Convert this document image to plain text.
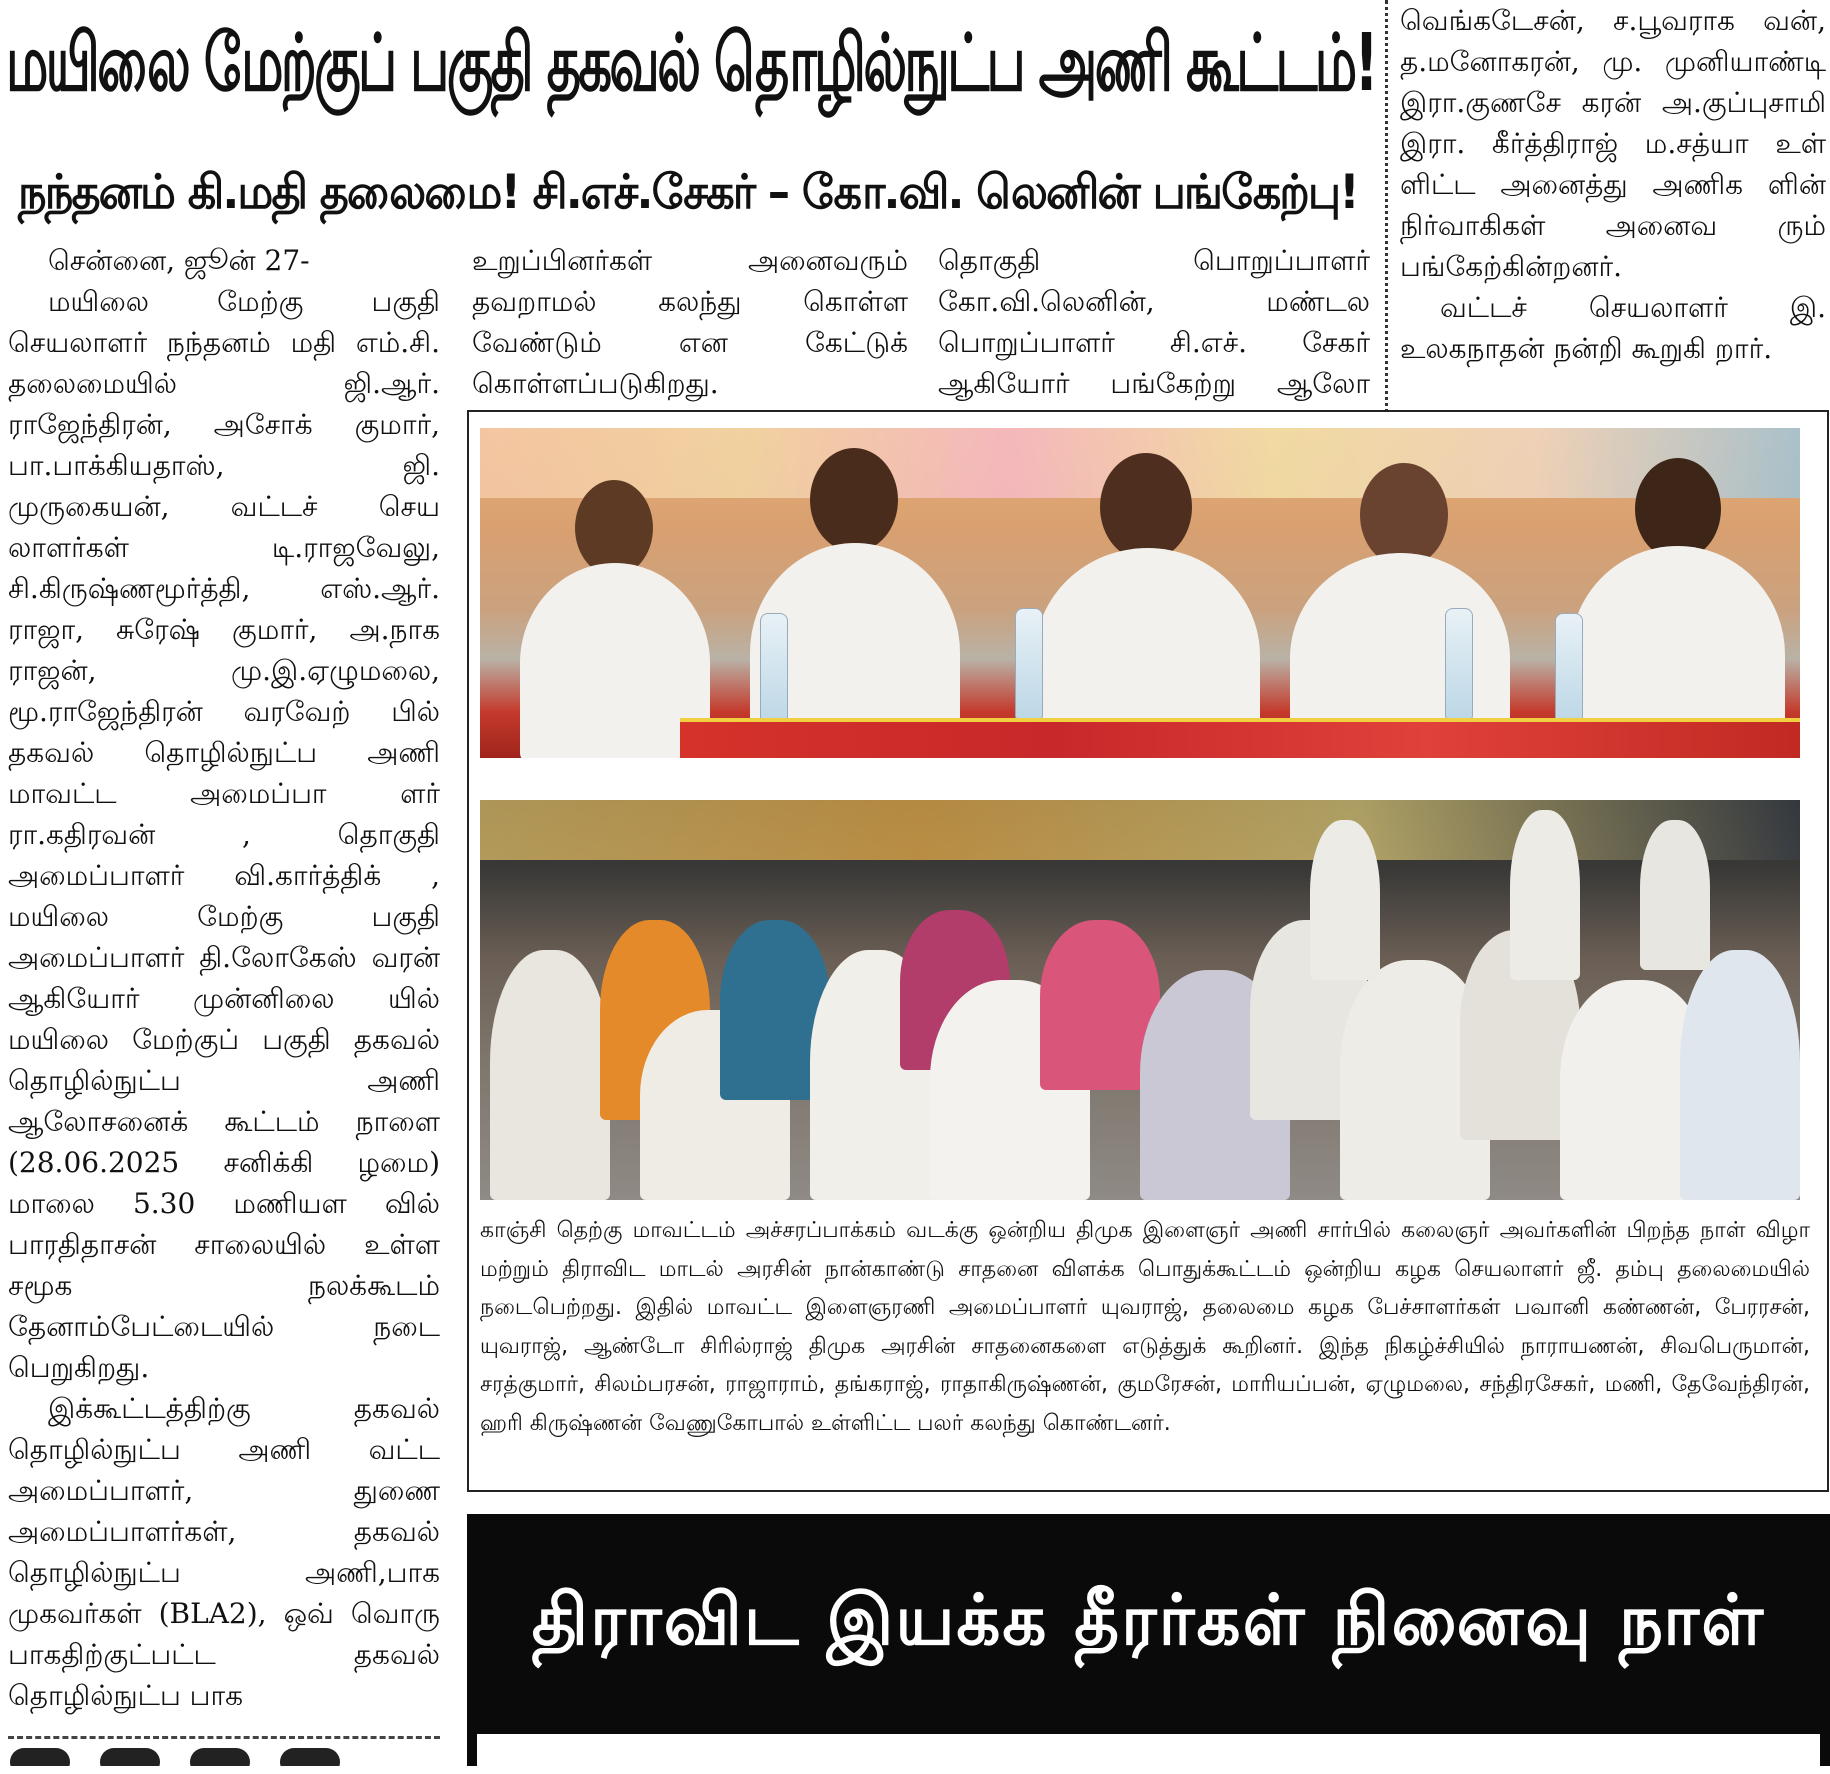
மயிலை மேற்குப் பகுதி தகவல் தொழில்நுட்ப அணி கூட்டம்!
நந்தனம் கி.மதி தலைமை! சி.எச்.சேகர் – கோ.வி. லெனின் பங்கேற்பு!

சென்னை, ஜூன் 27-

மயிலை மேற்கு பகுதி செயலாளர் நந்தனம் மதி எம்.சி. தலைமையில் ஜி.ஆர். ராஜேந்திரன், அசோக் குமார், பா.பாக்கியதாஸ், ஜி. முருகையன், வட்டச் செய லாளர்கள் டி.ராஜவேலு, சி.கிருஷ்ணமூர்த்தி, எஸ்.ஆர். ராஜா, சுரேஷ் குமார், அ.நாக ராஜன், மு.இ.ஏழுமலை, மூ.ராஜேந்திரன் வரவேற் பில் தகவல் தொழில்நுட்ப அணி மாவட்ட அமைப்பா ளர் ரா.கதிரவன் , தொகுதி அமைப்பாளர் வி.கார்த்திக் , மயிலை மேற்கு பகுதி அமைப்பாளர் தி.லோகேஸ் வரன் ஆகியோர் முன்னிலை யில் மயிலை மேற்குப் பகுதி தகவல் தொழில்நுட்ப அணி ஆலோசனைக் கூட்டம் நாளை (28.06.2025 சனிக்கி ழமை) மாலை 5.30 மணியள வில் பாரதிதாசன் சாலையில் உள்ள சமூக நலக்கூடம் தேனாம்பேட்டையில் நடை பெறுகிறது.

இக்கூட்டத்திற்கு தகவல் தொழில்நுட்ப அணி வட்ட அமைப்பாளர், துணை அமைப்பாளர்கள், தகவல் தொழில்நுட்ப அணி,பாக முகவர்கள் (BLA2), ஒவ் வொரு பாகதிற்குட்பட்ட தகவல் தொழில்நுட்ப பாக

உறுப்பினர்கள் அனைவரும் தவறாமல் கலந்து கொள்ள வேண்டும் என கேட்டுக் கொள்ளப்படுகிறது.

தொகுதி பொறுப்பாளர் கோ.வி.லெனின், மண்டல பொறுப்பாளர் சி.எச். சேகர் ஆகியோர் பங்கேற்று ஆலோ

வெங்கடேசன், ச.பூவராக வன், த.மனோகரன், மு. முனியாண்டி இரா.குணசே கரன் அ.குப்புசாமி இரா. கீர்த்திராஜ் ம.சத்யா உள் ளிட்ட அனைத்து அணிக ளின் நிர்வாகிகள் அனைவ ரும் பங்கேற்கின்றனர்.

வட்டச் செயலாளர் இ. உலகநாதன் நன்றி கூறுகி றார்.

காஞ்சி தெற்கு மாவட்டம் அச்சரப்பாக்கம் வடக்கு ஒன்றிய திமுக இளைஞர் அணி சார்பில் கலைஞர் அவர்களின் பிறந்த நாள் விழா மற்றும் திராவிட மாடல் அரசின் நான்காண்டு சாதனை விளக்க பொதுக்கூட்டம் ஒன்றிய கழக செயலாளர் ஜீ. தம்பு தலைமையில் நடைபெற்றது. இதில் மாவட்ட இளைஞரணி அமைப்பாளர் யுவராஜ், தலைமை கழக பேச்சாளர்கள் பவானி கண்ணன், பேரரசன், யுவராஜ், ஆண்டோ சிரில்ராஜ் திமுக அரசின் சாதனைகளை எடுத்துக் கூறினர். இந்த நிகழ்ச்சியில் நாராயணன், சிவபெருமான், சரத்குமார், சிலம்பரசன், ராஜாராம், தங்கராஜ், ராதாகிருஷ்ணன், குமரேசன், மாரியப்பன், ஏழுமலை, சந்திரசேகர், மணி, தேவேந்திரன், ஹரி கிருஷ்ணன் வேணுகோபால் உள்ளிட்ட பலர் கலந்து கொண்டனர்.

திராவிட இயக்க தீரர்கள் நினைவு நாள்
